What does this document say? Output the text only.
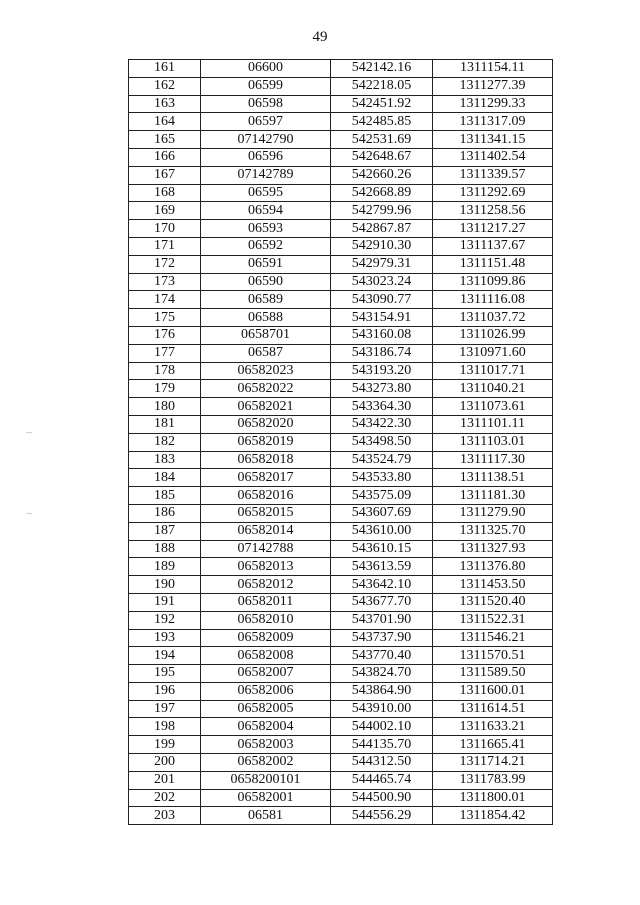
49
161	06600	542142.16	1311154.11
162	06599	542218.05	1311277.39
163	06598	542451.92	1311299.33
164	06597	542485.85	1311317.09
165	07142790	542531.69	1311341.15
166	06596	542648.67	1311402.54
167	07142789	542660.26	1311339.57
168	06595	542668.89	1311292.69
169	06594	542799.96	1311258.56
170	06593	542867.87	1311217.27
171	06592	542910.30	1311137.67
172	06591	542979.31	1311151.48
173	06590	543023.24	1311099.86
174	06589	543090.77	1311116.08
175	06588	543154.91	1311037.72
176	0658701	543160.08	1311026.99
177	06587	543186.74	1310971.60
178	06582023	543193.20	1311017.71
179	06582022	543273.80	1311040.21
180	06582021	543364.30	1311073.61
181	06582020	543422.30	1311101.11
182	06582019	543498.50	1311103.01
183	06582018	543524.79	1311117.30
184	06582017	543533.80	1311138.51
185	06582016	543575.09	1311181.30
186	06582015	543607.69	1311279.90
187	06582014	543610.00	1311325.70
188	07142788	543610.15	1311327.93
189	06582013	543613.59	1311376.80
190	06582012	543642.10	1311453.50
191	06582011	543677.70	1311520.40
192	06582010	543701.90	1311522.31
193	06582009	543737.90	1311546.21
194	06582008	543770.40	1311570.51
195	06582007	543824.70	1311589.50
196	06582006	543864.90	1311600.01
197	06582005	543910.00	1311614.51
198	06582004	544002.10	1311633.21
199	06582003	544135.70	1311665.41
200	06582002	544312.50	1311714.21
201	0658200101	544465.74	1311783.99
202	06582001	544500.90	1311800.01
203	06581	544556.29	1311854.42
